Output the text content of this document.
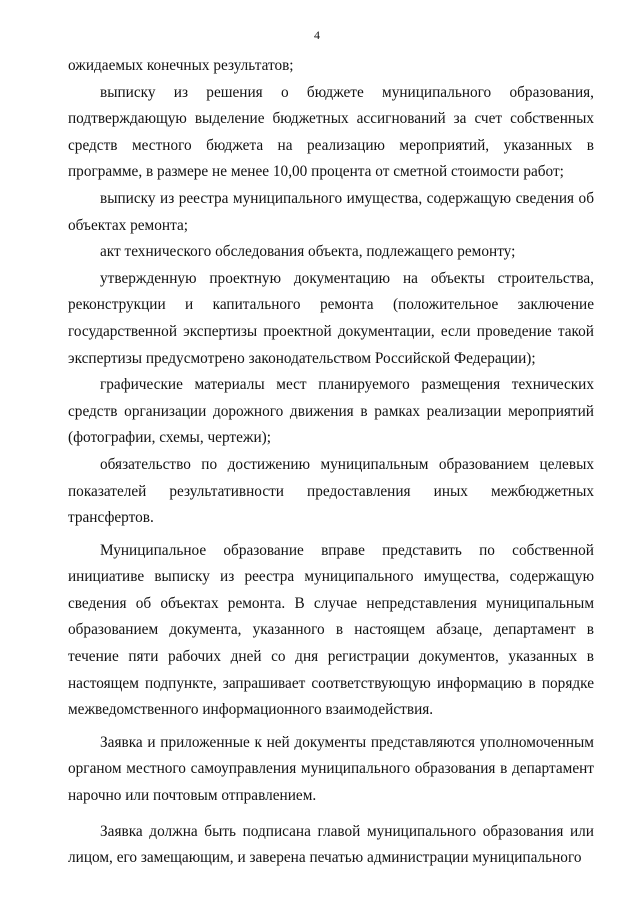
4

ожидаемых конечных результатов;

выписку из решения о бюджете муниципального образования, подтверждающую выделение бюджетных ассигнований за счет собственных средств местного бюджета на реализацию мероприятий, указанных в программе, в размере не менее 10,00 процента от сметной стоимости работ;

выписку из реестра муниципального имущества, содержащую сведения об объектах ремонта;

акт технического обследования объекта, подлежащего ремонту;

утвержденную проектную документацию на объекты строительства, реконструкции и капитального ремонта (положительное заключение государственной экспертизы проектной документации, если проведение такой экспертизы предусмотрено законодательством Российской Федерации);

графические материалы мест планируемого размещения технических средств организации дорожного движения в рамках реализации мероприятий (фотографии, схемы, чертежи);

обязательство по достижению муниципальным образованием целевых показателей результативности предоставления иных межбюджетных трансфертов.

Муниципальное образование вправе представить по собственной инициативе выписку из реестра муниципального имущества, содержащую сведения об объектах ремонта. В случае непредставления муниципальным образованием документа, указанного в настоящем абзаце, департамент в течение пяти рабочих дней со дня регистрации документов, указанных в настоящем подпункте, запрашивает соответствующую информацию в порядке межведомственного информационного взаимодействия.

Заявка и приложенные к ней документы представляются уполномоченным органом местного самоуправления муниципального образования в департамент нарочно или почтовым отправлением.

Заявка должна быть подписана главой муниципального образования или лицом, его замещающим, и заверена печатью администрации муниципального
